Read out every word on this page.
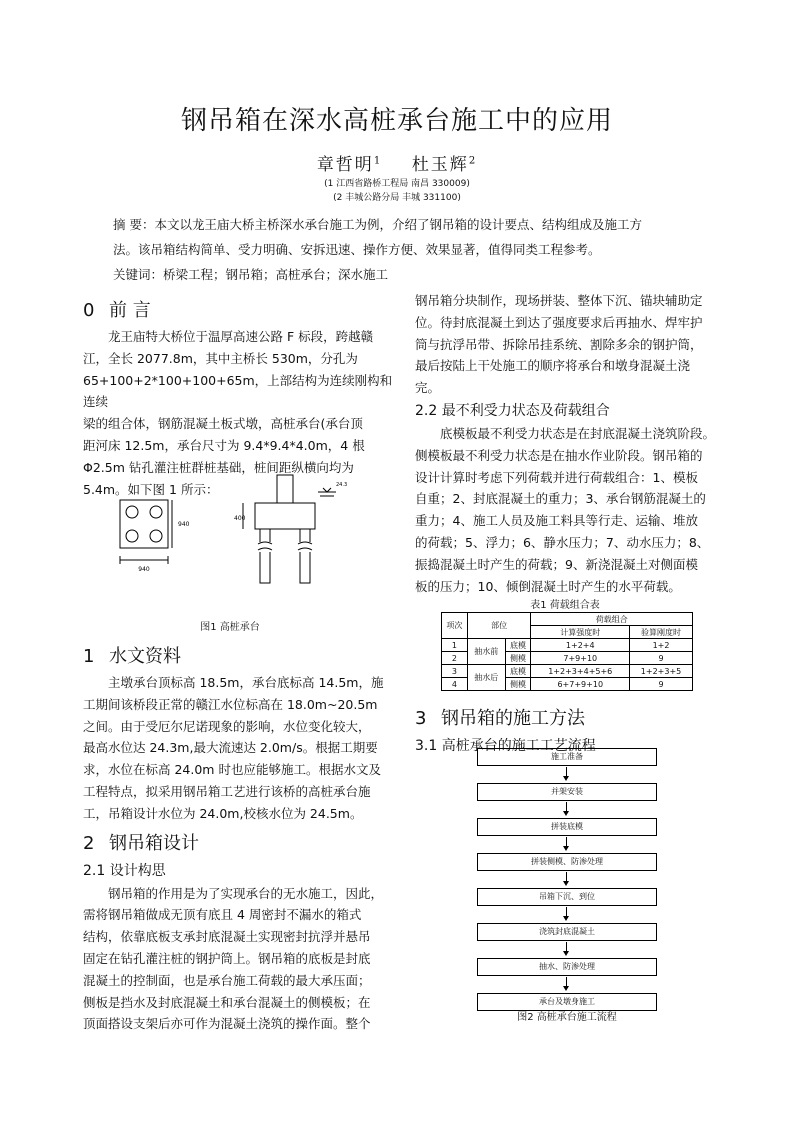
钢吊箱在深水高桩承台施工中的应用
章哲明$^1$ 杜玉辉$^2$
(1 江西省路桥工程局 南昌 330009)
(2 丰城公路分局 丰城 331100)

摘 要：本文以龙王庙大桥主桥深水承台施工为例，介绍了钢吊箱的设计要点、结构组成及施工方

法。该吊箱结构简单、受力明确、安拆迅速、操作方便、效果显著，值得同类工程参考。

关键词：桥梁工程；钢吊箱；高桩承台；深水施工

0 前 言

龙王庙特大桥位于温厚高速公路 F 标段，跨越赣

江，全长 2077.8m，其中主桥长 530m，分孔为

65+100+2*100+100+65m，上部结构为连续刚构和连续

梁的组合体，钢筋混凝土板式墩，高桩承台(承台顶

距河床 12.5m，承台尺寸为 9.4*9.4*4.0m，4 根

Φ2.5m 钻孔灌注桩群桩基础，桩间距纵横向均为

5.4m。如下图 1 所示：

940
940
400
24.3
图1 高桩承台
1 水文资料

主墩承台顶标高 18.5m，承台底标高 14.5m，施

工期间该桥段正常的赣江水位标高在 18.0m~20.5m

之间。由于受厄尔尼诺现象的影响，水位变化较大，

最高水位达 24.3m,最大流速达 2.0m/s。根据工期要

求，水位在标高 24.0m 时也应能够施工。根据水文及

工程特点，拟采用钢吊箱工艺进行该桥的高桩承台施

工，吊箱设计水位为 24.0m,校核水位为 24.5m。

2 钢吊箱设计
2.1 设计构思

钢吊箱的作用是为了实现承台的无水施工，因此，

需将钢吊箱做成无顶有底且 4 周密封不漏水的箱式

结构，依靠底板支承封底混凝土实现密封抗浮并悬吊

固定在钻孔灌注桩的钢护筒上。钢吊箱的底板是封底

混凝土的控制面，也是承台施工荷载的最大承压面；

侧板是挡水及封底混凝土和承台混凝土的侧模板；在

顶面搭设支架后亦可作为混凝土浇筑的操作面。整个

钢吊箱分块制作，现场拼装、整体下沉、锚块辅助定

位。待封底混凝土到达了强度要求后再抽水、焊牢护

筒与抗浮吊带、拆除吊挂系统、割除多余的钢护筒，

最后按陆上干处施工的顺序将承台和墩身混凝土浇

完。

2.2 最不利受力状态及荷载组合

底模板最不利受力状态是在封底混凝土浇筑阶段。

侧模板最不利受力状态是在抽水作业阶段。钢吊箱的

设计计算时考虑下列荷载并进行荷载组合：1、模板

自重；2、封底混凝土的重力；3、承台钢筋混凝土的

重力；4、施工人员及施工料具等行走、运输、堆放

的荷载；5、浮力；6、静水压力；7、动水压力；8、

振捣混凝土时产生的荷载；9、新浇混凝土对侧面模

板的压力；10、倾倒混凝土时产生的水平荷载。

表1 荷载组合表
项次	部位		荷载组合	
			计算强度时	验算刚度时
1	抽水前	底模	1+2+4	1+2
2		侧模	7+9+10	9
3	抽水后	底模	1+2+3+4+5+6	1+2+3+5
4		侧模	6+7+9+10	9
3 钢吊箱的施工方法
3.1 高桩承台的施工工艺流程
施工准备
并架安装
拼装底模
拼装侧模、防渗处理
吊箱下沉、到位
浇筑封底混凝土
抽水、防渗处理
承台及墩身施工
图2 高桩承台施工流程
